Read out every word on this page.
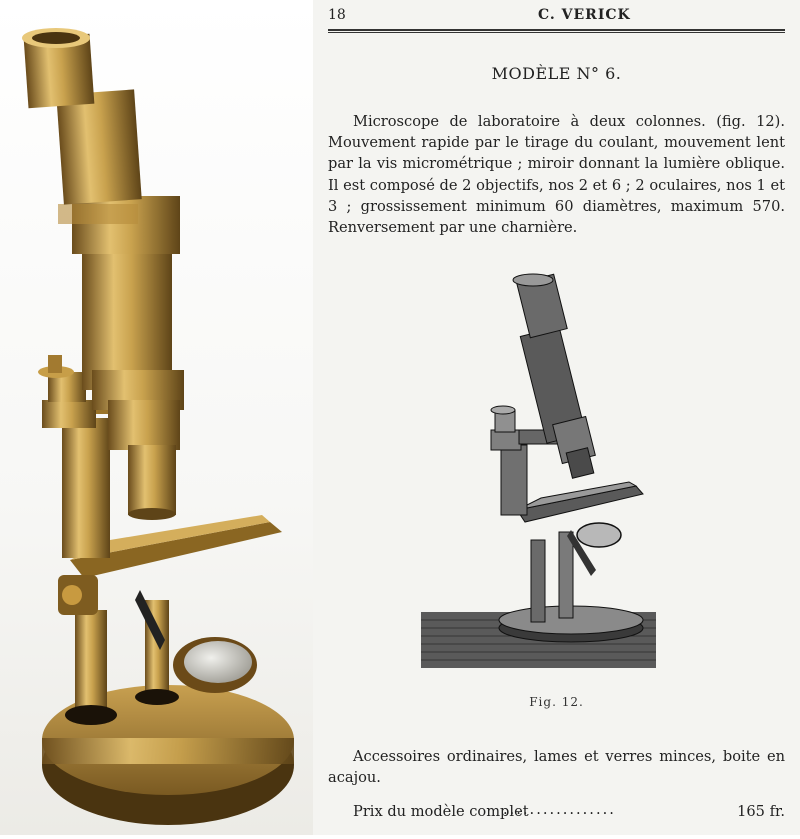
18	C. VERICK
MODÈLE N° 6.

Microscope de laboratoire à deux colonnes. (fig. 12). Mouvement rapide par le tirage du coulant, mouvement lent par la vis micrométrique ; miroir donnant la lumière oblique. Il est composé de 2 objectifs, nos 2 et 6 ; 2 oculaires, nos 1 et 3 ; grossissement minimum 60 diamètres, maximum 570. Renversement par une charnière.

Fig. 12.

Accessoires ordinaires, lames et verres minces, boite en acajou.

Prix du modèle complet
.................	165 fr.
